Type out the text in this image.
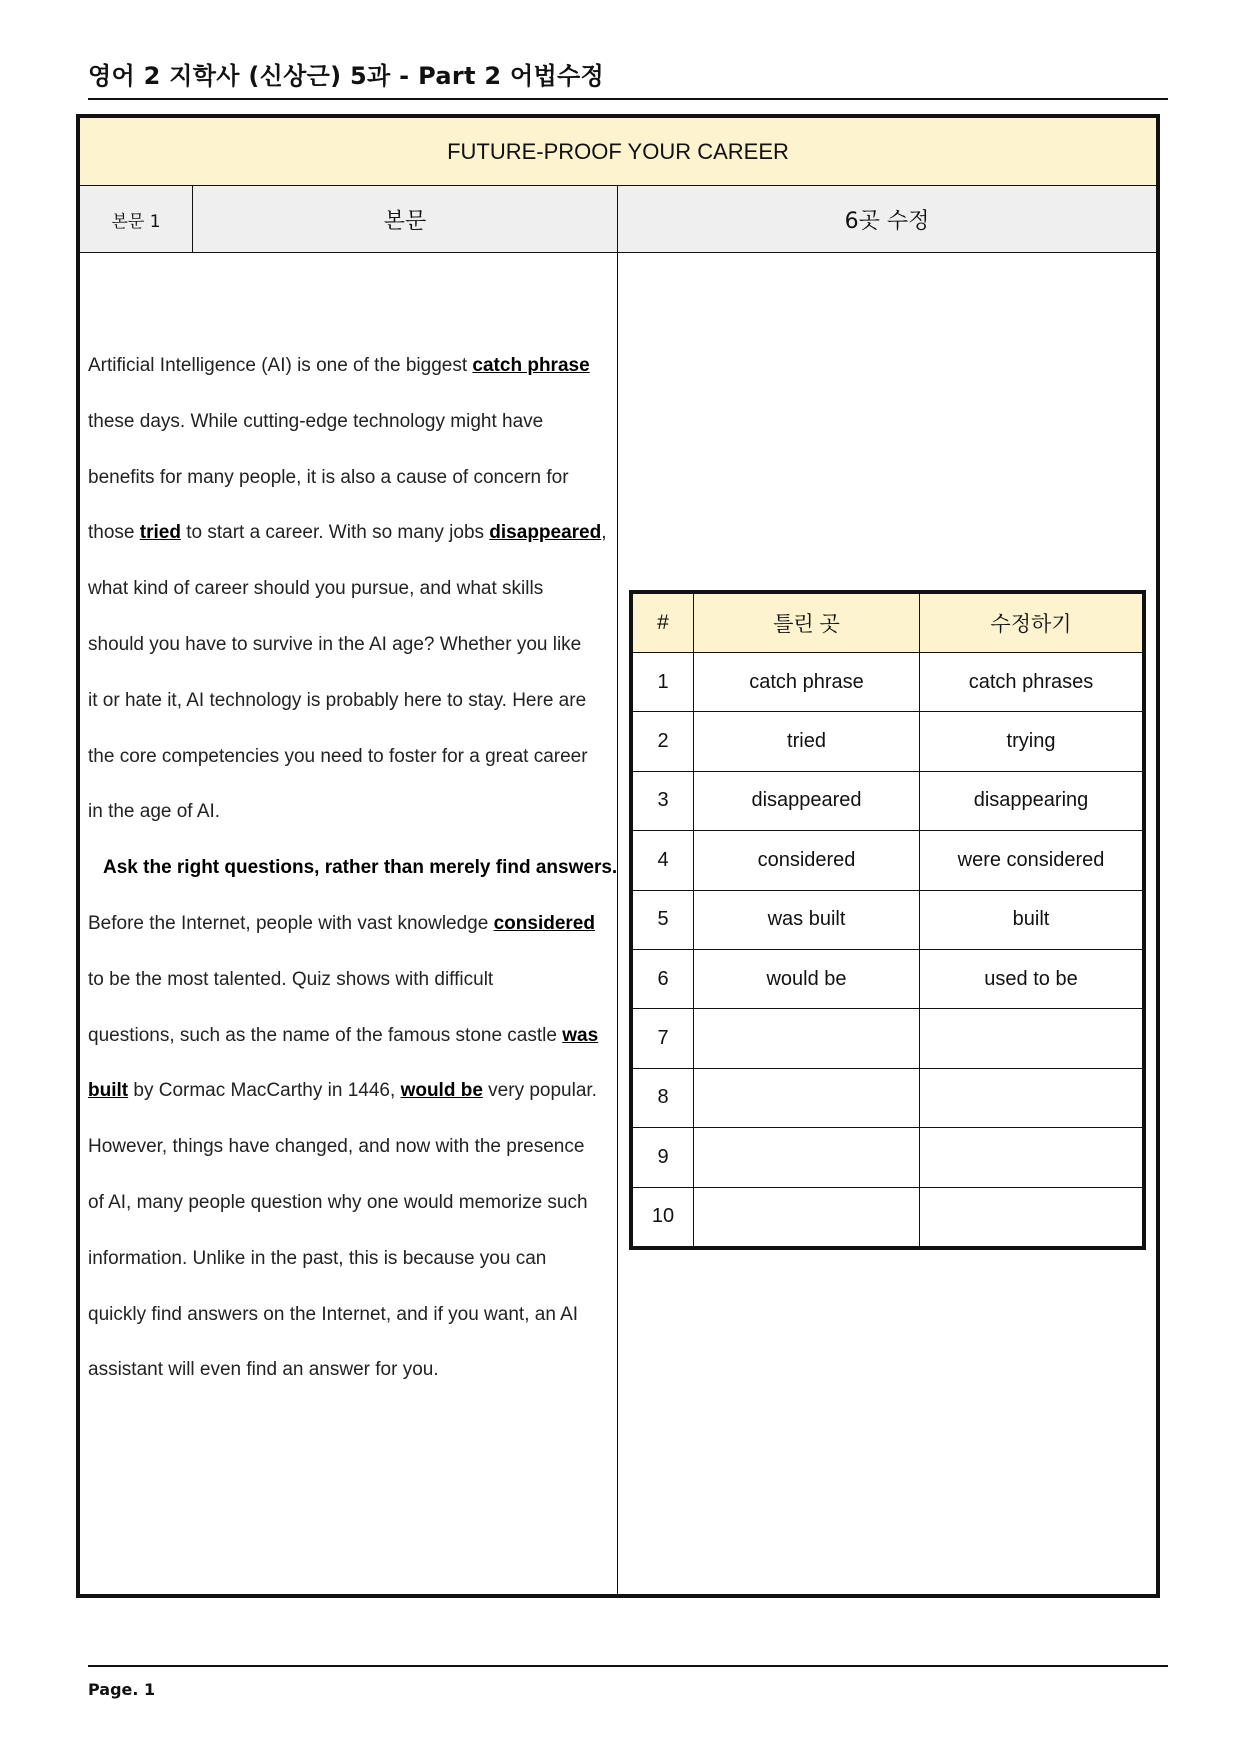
영어 2 지학사 (신상근) 5과 - Part 2 어법수정
FUTURE-PROOF YOUR CAREER
본문 1	본문	6곳 수정
Artificial Intelligence (AI) is one of the biggest catch phrase
these days. While cutting-edge technology might have
benefits for many people, it is also a cause of concern for
those tried to start a career. With so many jobs disappeared,
what kind of career should you pursue, and what skills
should you have to survive in the AI age? Whether you like
it or hate it, AI technology is probably here to stay. Here are
the core competencies you need to foster for a great career
in the age of AI.
Ask the right questions, rather than merely find answers.
Before the Internet, people with vast knowledge considered
to be the most talented. Quiz shows with difficult
questions, such as the name of the famous stone castle was
built by Cormac MacCarthy in 1446, would be very popular.
However, things have changed, and now with the presence
of AI, many people question why one would memorize such
information. Unlike in the past, this is because you can
quickly find answers on the Internet, and if you want, an AI
assistant will even find an answer for you.
#	틀린 곳	수정하기
1	catch phrase	catch phrases
2	tried	trying
3	disappeared	disappearing
4	considered	were considered
5	was built	built
6	would be	used to be
7		
8		
9		
10		
Page. 1
